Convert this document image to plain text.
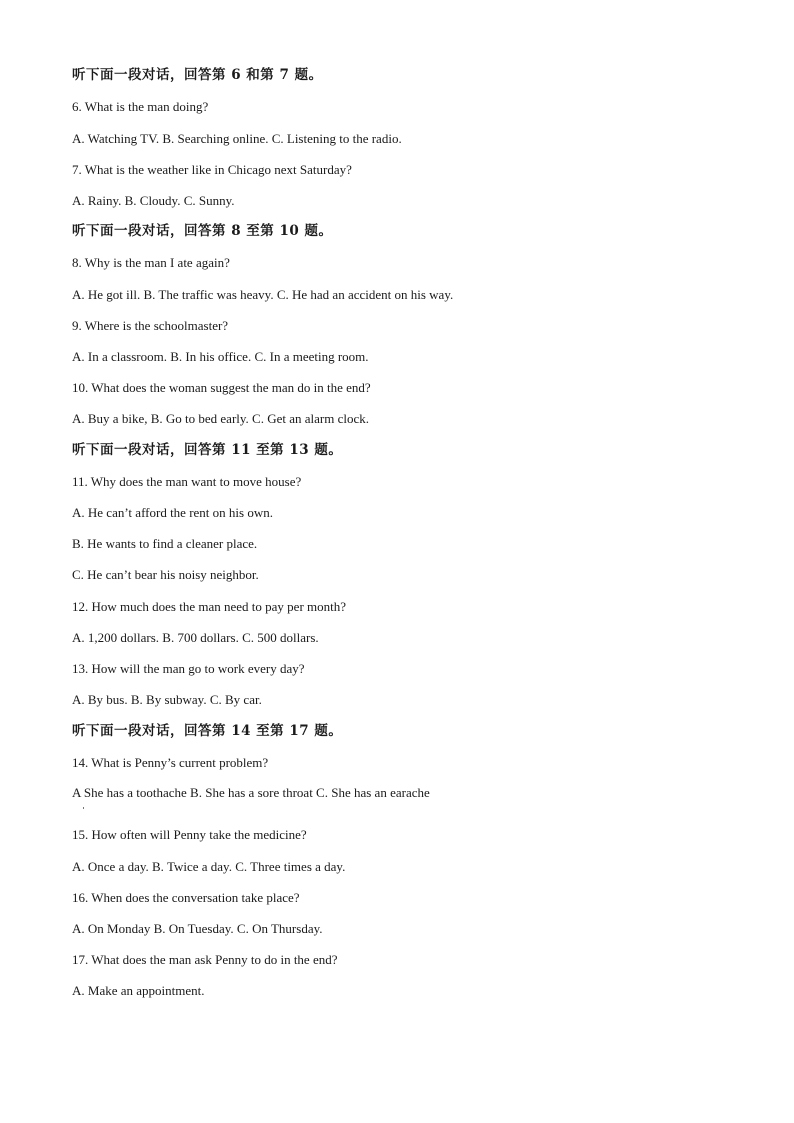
听下面一段对话，回答第 6 和第 7 题。
6. What is the man doing?
A. Watching TV. B. Searching online. C. Listening to the radio.
7. What is the weather like in Chicago next Saturday?
A. Rainy. B. Cloudy. C. Sunny.
听下面一段对话，回答第 8 至第 10 题。
8. Why is the man I ate again?
A. He got ill. B. The traffic was heavy. C. He had an accident on his way.
9. Where is the schoolmaster?
A. In a classroom. B. In his office. C. In a meeting room.
10. What does the woman suggest the man do in the end?
A. Buy a bike, B. Go to bed early. C. Get an alarm clock.
听下面一段对话，回答第 11 至第 13 题。
11. Why does the man want to move house?
A. He can’t afford the rent on his own.
B. He wants to find a cleaner place.
C. He can’t bear his noisy neighbor.
12. How much does the man need to pay per month?
A. 1,200 dollars. B. 700 dollars. C. 500 dollars.
13. How will the man go to work every day?
A. By bus. B. By subway. C. By car.
听下面一段对话，回答第 14 至第 17 题。
14. What is Penny’s current problem?
A She has a toothache B. She has a sore throat C. She has an earache
15. How often will Penny take the medicine?
A. Once a day. B. Twice a day. C. Three times a day.
16. When does the conversation take place?
A. On Monday B. On Tuesday. C. On Thursday.
17. What does the man ask Penny to do in the end?
A. Make an appointment.
